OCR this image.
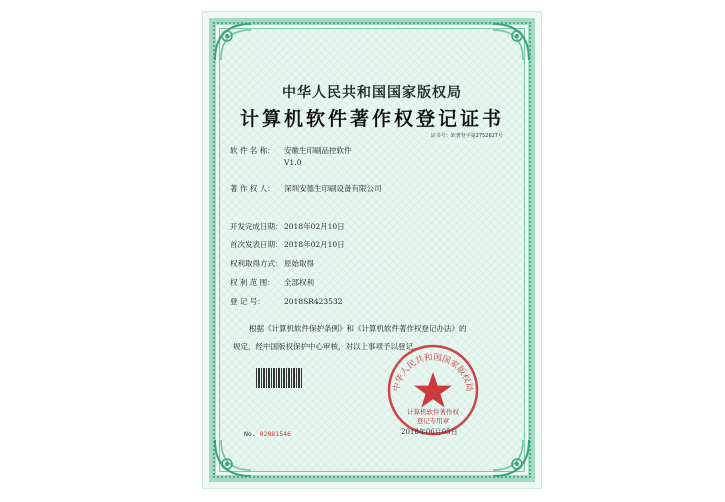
中华人民共和国国家版权局
计算机软件著作权登记证书
证书号：软著登字第2752627号
软 件 名 称： 安徽生印刷品控软件
V1.0
著 作 权 人： 深圳安德生印刷设备有限公司
开发完成日期： 2018年02月10日
首次发表日期： 2018年02月10日
权利取得方式： 原始取得
权 利 范 围： 全部权利
登 记 号：	2018SR423532
根据《计算机软件保护条例》和《计算机软件著作权登记办法》的
规定，经中国版权保护中心审核，对以上事项予以登记。
No. 02881546
中华人民共和国国家版权局
计算机软件著作权
登记专用章
2018年06月05日
